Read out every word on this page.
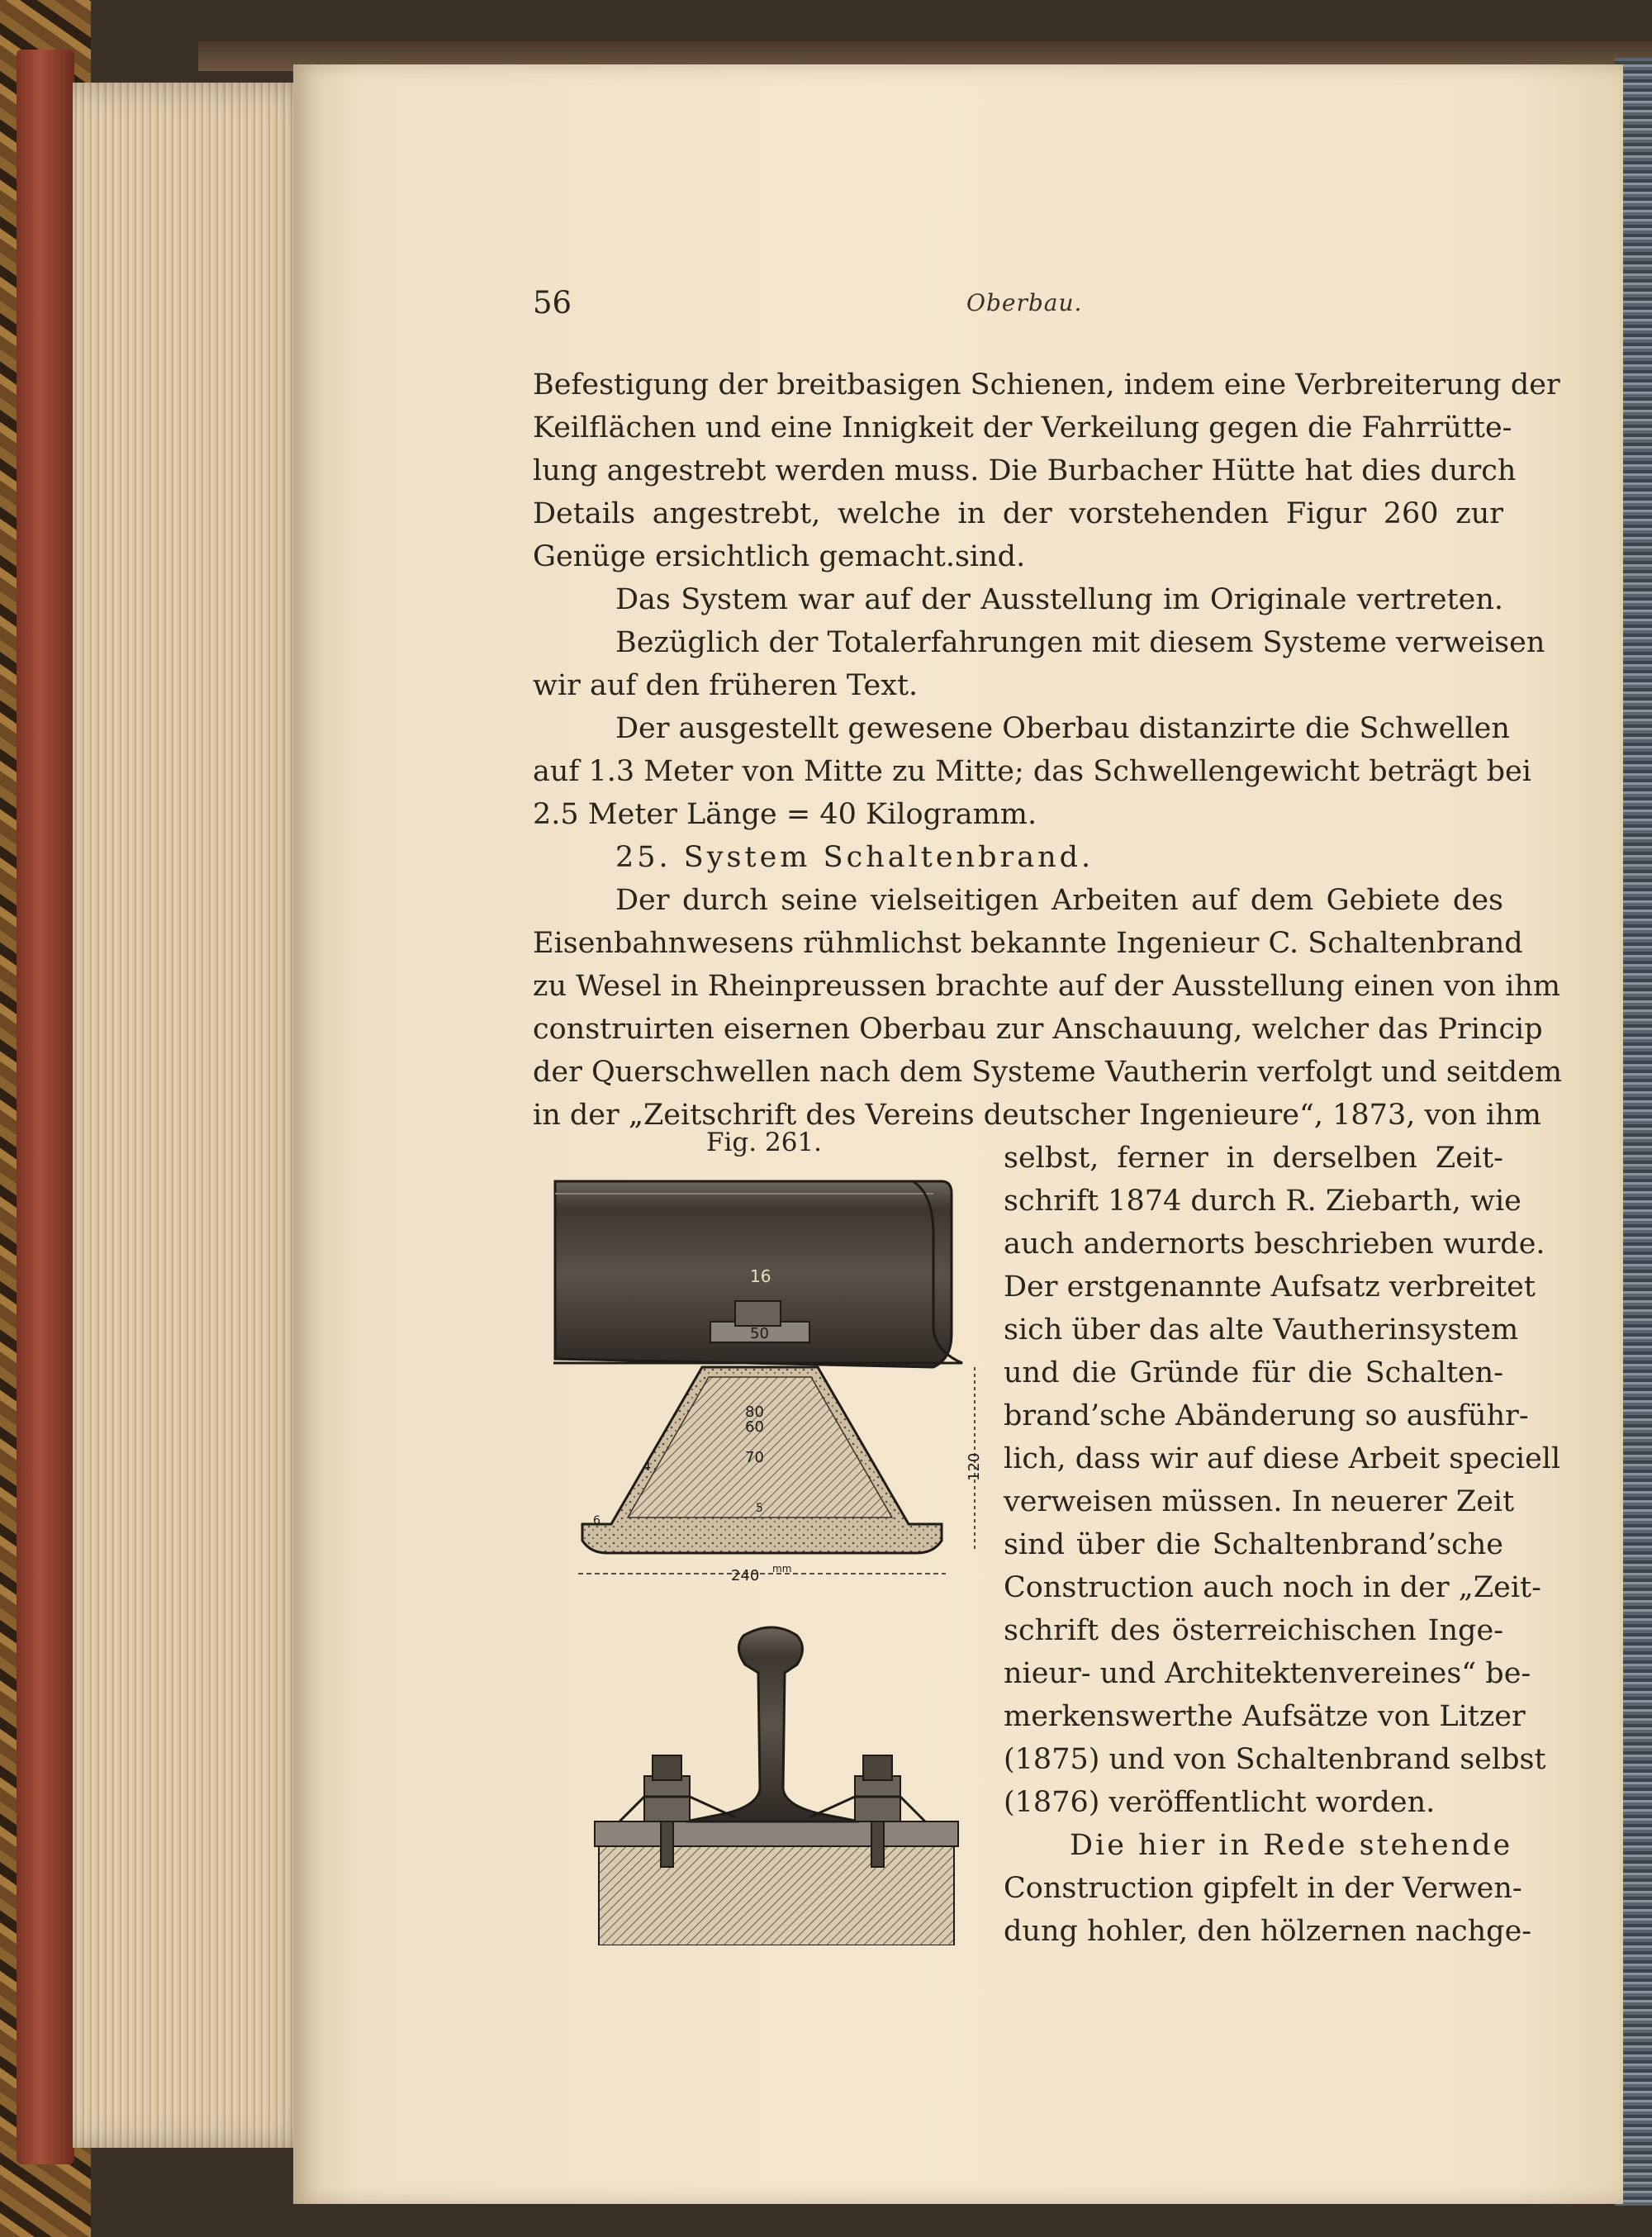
56	Oberbau.
Befestigung der breitbasigen Schienen, indem eine Verbreiterung der
Keilflächen und eine Innigkeit der Verkeilung gegen die Fahrrütte-
lung angestrebt werden muss. Die Burbacher Hütte hat dies durch
Details angestrebt, welche in der vorstehenden Figur 260 zur
Genüge ersichtlich gemacht.sind.
Das System war auf der Ausstellung im Originale vertreten.
Bezüglich der Totalerfahrungen mit diesem Systeme verweisen
wir auf den früheren Text.
Der ausgestellt gewesene Oberbau distanzirte die Schwellen
auf 1.3 Meter von Mitte zu Mitte; das Schwellengewicht beträgt bei
2.5 Meter Länge = 40 Kilogramm.
25. System Schaltenbrand.
Der durch seine vielseitigen Arbeiten auf dem Gebiete des
Eisenbahnwesens rühmlichst bekannte Ingenieur C. Schaltenbrand
zu Wesel in Rheinpreussen brachte auf der Ausstellung einen von ihm
construirten eisernen Oberbau zur Anschauung, welcher das Princip
der Querschwellen nach dem Systeme Vautherin verfolgt und seitdem
in der „Zeitschrift des Vereins deutscher Ingenieure“, 1873, von ihm
selbst, ferner in derselben Zeit-
schrift 1874 durch R. Ziebarth, wie
auch andernorts beschrieben wurde.
Der erstgenannte Aufsatz verbreitet
sich über das alte Vautherinsystem
und die Gründe für die Schalten-
brand’sche Abänderung so ausführ-
lich, dass wir auf diese Arbeit speciell
verweisen müssen. In neuerer Zeit
sind über die Schaltenbrand’sche
Construction auch noch in der „Zeit-
schrift des österreichischen Inge-
nieur- und Architektenvereines“ be-
merkenswerthe Aufsätze von Litzer
(1875) und von Schaltenbrand selbst
(1876) veröffentlicht worden.
Die hier in Rede stehende
Construction gipfelt in der Verwen-
dung hohler, den hölzernen nachge-
Fig. 261.
16
50
80
60
70	120
240 mm
4
6
5
